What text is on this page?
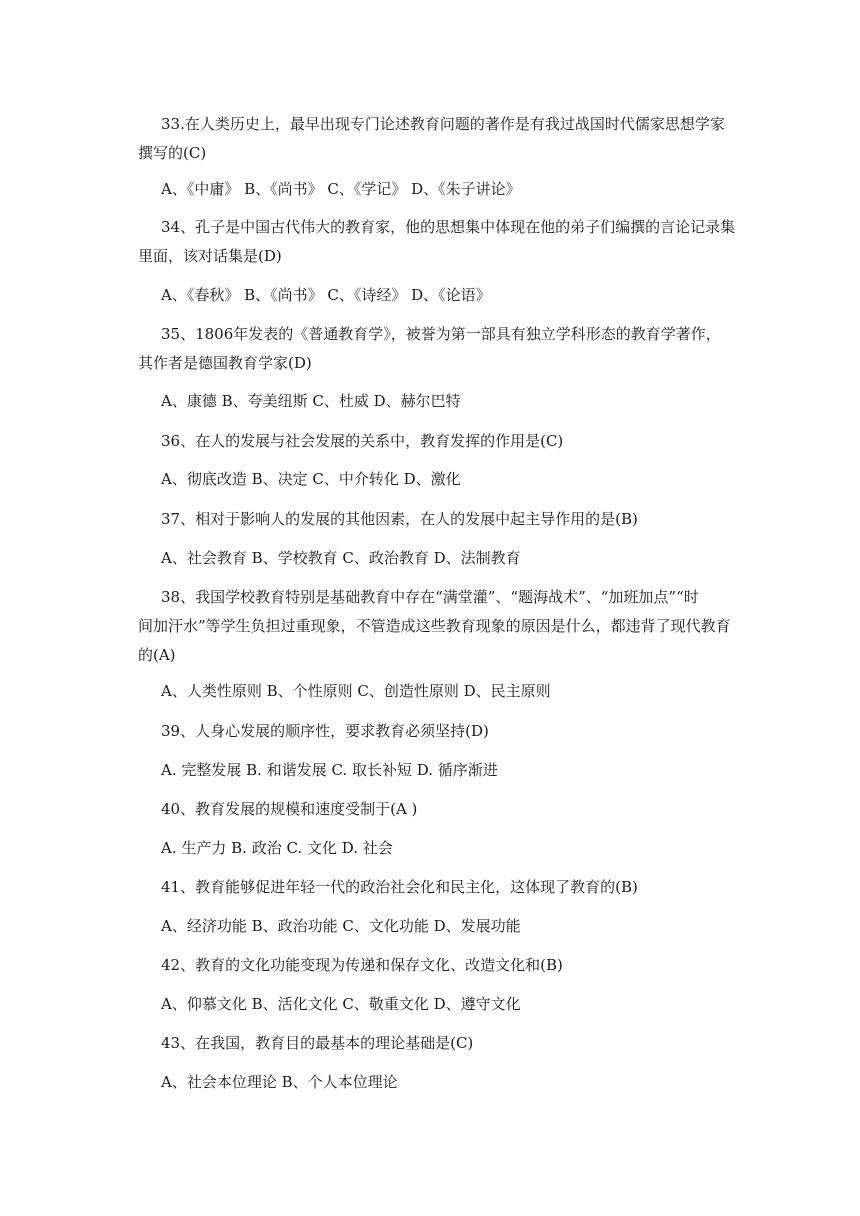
33.在人类历史上，最早出现专门论述教育问题的著作是有我过战国时代儒家思想学家
撰写的(C)
A、《中庸》 B、《尚书》 C、《学记》 D、《朱子讲论》
34、孔子是中国古代伟大的教育家，他的思想集中体现在他的弟子们编撰的言论记录集
里面，该对话集是(D)
A、《春秋》 B、《尚书》 C、《诗经》 D、《论语》
35、1806年发表的《普通教育学》，被誉为第一部具有独立学科形态的教育学著作，
其作者是德国教育学家(D)
A、康德 B、夸美纽斯 C、杜威 D、赫尔巴特
36、在人的发展与社会发展的关系中，教育发挥的作用是(C)
A、彻底改造 B、决定 C、中介转化 D、激化
37、相对于影响人的发展的其他因素，在人的发展中起主导作用的是(B)
A、社会教育 B、学校教育 C、政治教育 D、法制教育
38、我国学校教育特别是基础教育中存在“满堂灌”、“题海战术”、“加班加点”“时
间加汗水”等学生负担过重现象，不管造成这些教育现象的原因是什么，都违背了现代教育
的(A)
A、人类性原则 B、个性原则 C、创造性原则 D、民主原则
39、人身心发展的顺序性，要求教育必须坚持(D)
A. 完整发展 B. 和谐发展 C. 取长补短 D. 循序渐进
40、教育发展的规模和速度受制于(A )
A. 生产力 B. 政治 C. 文化 D. 社会
41、教育能够促进年轻一代的政治社会化和民主化，这体现了教育的(B)
A、经济功能 B、政治功能 C、文化功能 D、发展功能
42、教育的文化功能变现为传递和保存文化、改造文化和(B)
A、仰慕文化 B、活化文化 C、敬重文化 D、遵守文化
43、在我国，教育目的最基本的理论基础是(C)
A、社会本位理论 B、个人本位理论
